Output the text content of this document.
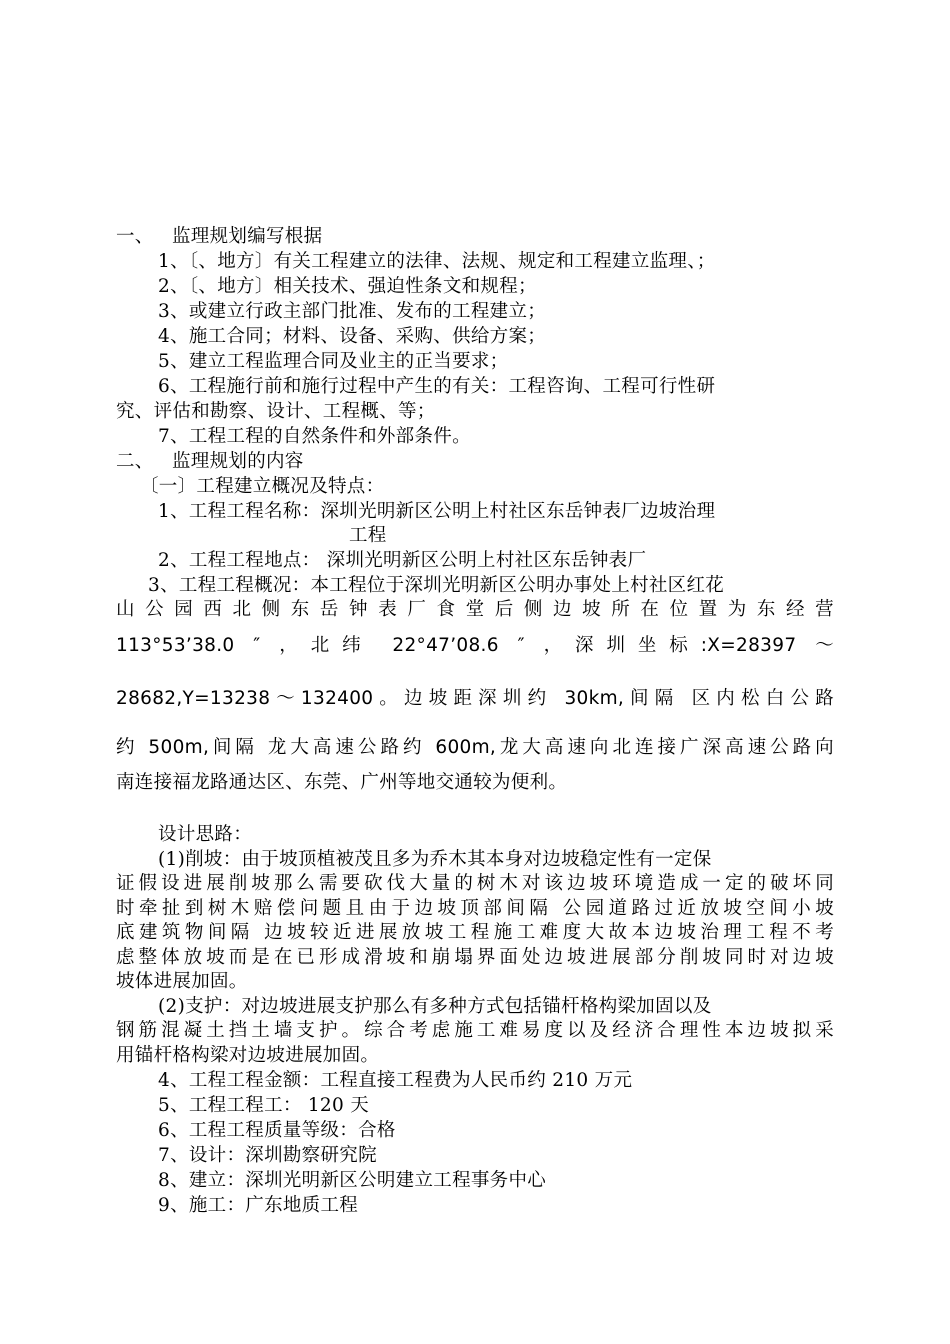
一、 监理规划编写根据
1、〔、地方〕有关工程建立的法律、法规、规定和工程建立监理、；
2、〔、地方〕相关技术、强迫性条文和规程；
3、或建立行政主部门批准、发布的工程建立；
4、施工合同；材料、设备、采购、供给方案；
5、建立工程监理合同及业主的正当要求；
6、工程施行前和施行过程中产生的有关：工程咨询、工程可行性研
究、评估和勘察、设计、工程概、等；
7、工程工程的自然条件和外部条件。
二、 监理规划的内容
〔一〕工程建立概况及特点：
1、工程工程名称：深圳光明新区公明上村社区东岳钟表厂边坡治理
工程
2、工程工程地点： 深圳光明新区公明上村社区东岳钟表厂
3、工程工程概况：本工程位于深圳光明新区公明办事处上村社区红花
山公园西北侧东岳钟表厂食堂后侧边坡所在位置为东经营
113°53’38.0 ″ ，北纬 22°47’08.6 ″ ，深圳坐标:X=28397 ～
28682,Y=13238～132400。边坡距深圳约 30km,间隔 区内松白公路
约 500m,间隔 龙大高速公路约 600m,龙大高速向北连接广深高速公路向
南连接福龙路通达区、东莞、广州等地交通较为便利。
设计思路：
(1)削坡：由于坡顶植被茂且多为乔木其本身对边坡稳定性有一定保
证假设进展削坡那么需要砍伐大量的树木对该边坡环境造成一定的破坏同
时牵扯到树木赔偿问题且由于边坡顶部间隔 公园道路过近放坡空间小坡
底建筑物间隔 边坡较近进展放坡工程施工难度大故本边坡治理工程不考
虑整体放坡而是在已形成滑坡和崩塌界面处边坡进展部分削坡同时对边坡
坡体进展加固。
(2)支护：对边坡进展支护那么有多种方式包括锚杆格构梁加固以及
钢筋混凝土挡土墙支护。综合考虑施工难易度以及经济合理性本边坡拟采
用锚杆格构梁对边坡进展加固。
4、工程工程金额：工程直接工程费为人民币约 210 万元
5、工程工程工： 120 天
6、工程工程质量等级：合格
7、设计：深圳勘察研究院
8、建立：深圳光明新区公明建立工程事务中心
9、施工：广东地质工程
